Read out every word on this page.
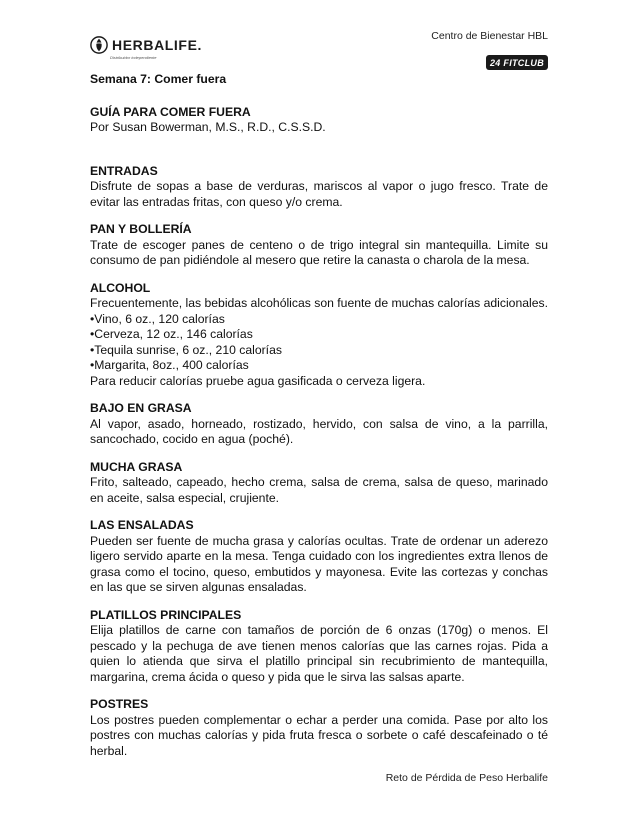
HERBALIFE.
Distribuidor independiente
Centro de Bienestar HBL
24 FITCLUB

Semana 7: Comer fuera

GUÍA PARA COMER FUERA

Por Susan Bowerman, M.S., R.D., C.S.S.D.

ENTRADAS

Disfrute de sopas a base de verduras, mariscos al vapor o jugo fresco. Trate de evitar las entradas fritas, con queso y/o crema.

PAN Y BOLLERÍA

Trate de escoger panes de centeno o de trigo integral sin mantequilla. Limite su consumo de pan pidiéndole al mesero que retire la canasta o charola de la mesa.

ALCOHOL

Frecuentemente, las bebidas alcohólicas son fuente de muchas calorías adicionales.

• Vino, 6 oz., 120 calorías
• Cerveza, 12 oz., 146 calorías
• Tequila sunrise, 6 oz., 210 calorías
• Margarita, 8oz., 400 calorías

Para reducir calorías pruebe agua gasificada o cerveza ligera.

BAJO EN GRASA

Al vapor, asado, horneado, rostizado, hervido, con salsa de vino, a la parrilla, sancochado, cocido en agua (poché).

MUCHA GRASA

Frito, salteado, capeado, hecho crema, salsa de crema, salsa de queso, marinado en aceite, salsa especial, crujiente.

LAS ENSALADAS

Pueden ser fuente de mucha grasa y calorías ocultas. Trate de ordenar un aderezo ligero servido aparte en la mesa. Tenga cuidado con los ingredientes extra llenos de grasa como el tocino, queso, embutidos y mayonesa. Evite las cortezas y conchas en las que se sirven algunas ensaladas.

PLATILLOS PRINCIPALES

Elija platillos de carne con tamaños de porción de 6 onzas (170g) o menos. El pescado y la pechuga de ave tienen menos calorías que las carnes rojas. Pida a quien lo atienda que sirva el platillo principal sin recubrimiento de mantequilla, margarina, crema ácida o queso y pida que le sirva las salsas aparte.

POSTRES

Los postres pueden complementar o echar a perder una comida. Pase por alto los postres con muchas calorías y pida fruta fresca o sorbete o café descafeinado o té herbal.

Reto de Pérdida de Peso Herbalife
